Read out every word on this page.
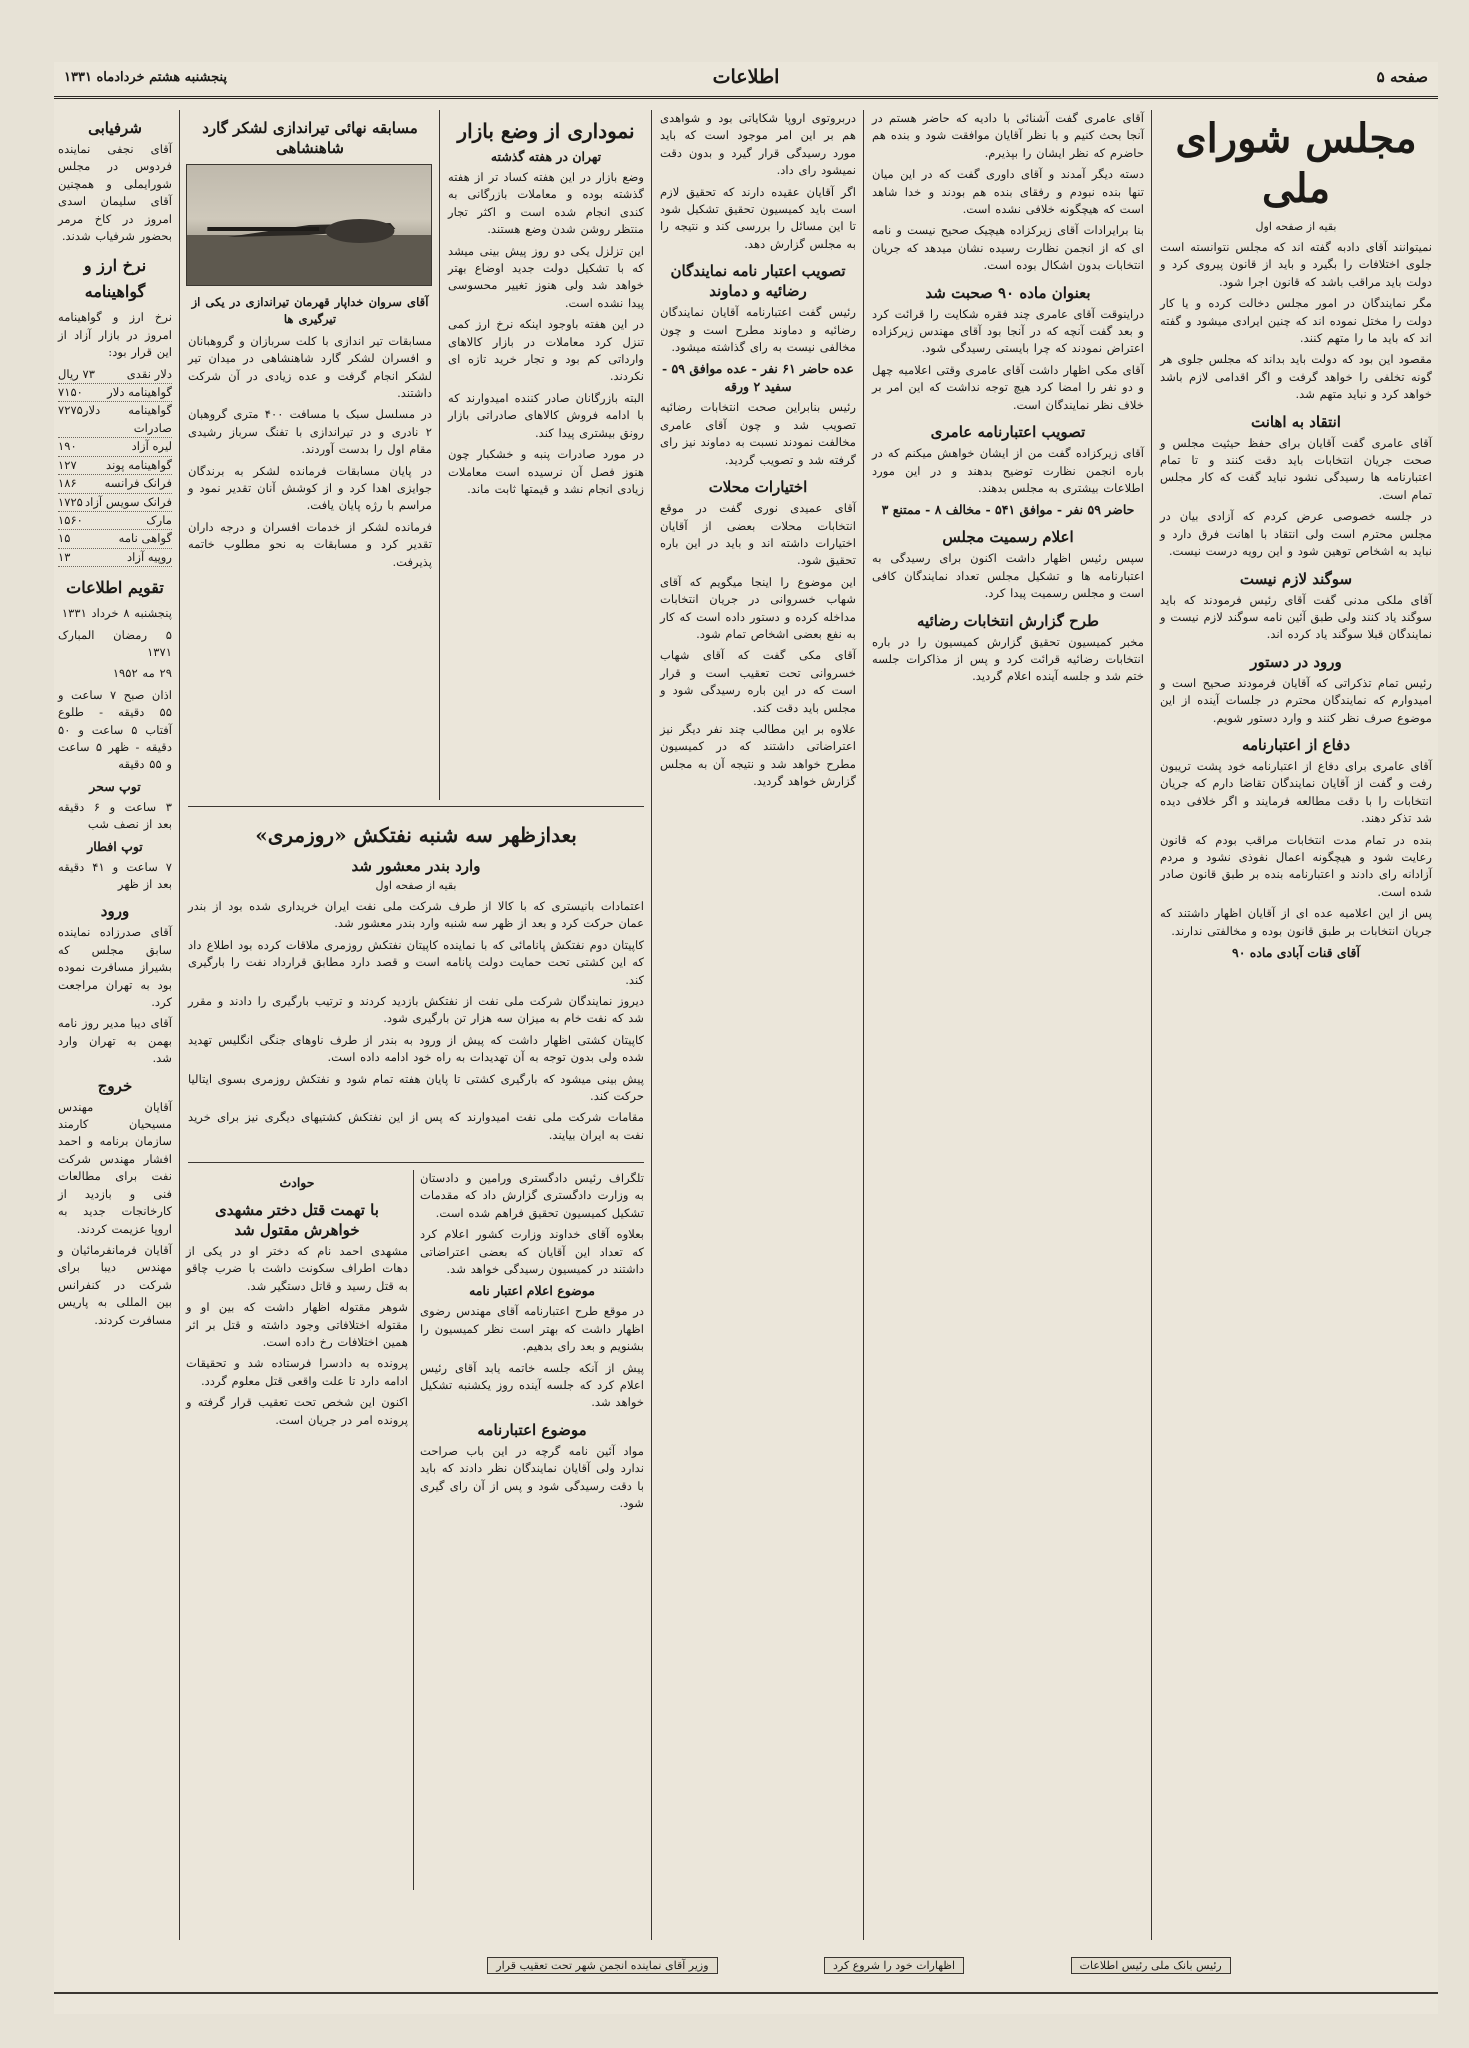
صفحه ۵
اطلاعات
پنجشنبه هشتم خردادماه ۱۳۳۱
مجلس شورای ملی
بقیه از صفحه اول

نمیتوانند آقای دادبه گفته اند که مجلس نتوانسته است جلوی اختلافات را بگیرد و باید از قانون پیروی کرد و دولت باید مراقب باشد که قانون اجرا شود.

مگر نمایندگان در امور مجلس دخالت کرده و یا کار دولت را مختل نموده اند که چنین ایرادی میشود و گفته اند که باید ما را متهم کنند.

مقصود این بود که دولت باید بداند که مجلس جلوی هر گونه تخلفی را خواهد گرفت و اگر اقدامی لازم باشد خواهد کرد و نباید متهم شد.

انتقاد به اهانت

آقای عامری گفت آقایان برای حفظ حیثیت مجلس و صحت جریان انتخابات باید دقت کنند و تا تمام اعتبارنامه ها رسیدگی نشود نباید گفت که کار مجلس تمام است.

در جلسه خصوصی عرض کردم که آزادی بیان در مجلس محترم است ولی انتقاد با اهانت فرق دارد و نباید به اشخاص توهین شود و این رویه درست نیست.

سوگند لازم نیست

آقای ملکی مدنی گفت آقای رئیس فرمودند که باید سوگند یاد کنند ولی طبق آئین نامه سوگند لازم نیست و نمایندگان قبلا سوگند یاد کرده اند.

ورود در دستور

رئیس تمام تذکراتی که آقایان فرمودند صحیح است و امیدوارم که نمایندگان محترم در جلسات آینده از این موضوع صرف نظر کنند و وارد دستور شویم.

دفاع از اعتبارنامه

آقای عامری برای دفاع از اعتبارنامه خود پشت تریبون رفت و گفت از آقایان نمایندگان تقاضا دارم که جریان انتخابات را با دقت مطالعه فرمایند و اگر خلافی دیده شد تذکر دهند.

بنده در تمام مدت انتخابات مراقب بودم که قانون رعایت شود و هیچگونه اعمال نفوذی نشود و مردم آزادانه رای دادند و اعتبارنامه بنده بر طبق قانون صادر شده است.

پس از این اعلامیه عده ای از آقایان اظهار داشتند که جریان انتخابات بر طبق قانون بوده و مخالفتی ندارند.

آقای قنات آبادی ماده ۹۰

آقای عامری گفت آشنائی با دادیه که حاضر هستم در آنجا بحث کنیم و با نظر آقایان موافقت شود و بنده هم حاضرم که نظر ایشان را بپذیرم.

دسته دیگر آمدند و آقای داوری گفت که در این میان تنها بنده نبودم و رفقای بنده هم بودند و خدا شاهد است که هیچگونه خلافی نشده است.

بنا برایرادات آقای زیرکزاده هیچیک صحیح نیست و نامه ای که از انجمن نظارت رسیده نشان میدهد که جریان انتخابات بدون اشکال بوده است.

بعنوان ماده ۹۰ صحبت شد

دراینوقت آقای عامری چند فقره شکایت را قرائت کرد و بعد گفت آنچه که در آنجا بود آقای مهندس زیرکزاده اعتراض نمودند که چرا بایستی رسیدگی شود.

آقای مکی اظهار داشت آقای عامری وقتی اعلامیه چهل و دو نفر را امضا کرد هیچ توجه نداشت که این امر بر خلاف نظر نمایندگان است.

تصویب اعتبارنامه عامری

آقای زیرکزاده گفت من از ایشان خواهش میکنم که در باره انجمن نظارت توضیح بدهند و در این مورد اطلاعات بیشتری به مجلس بدهند.

حاضر ۵۹ نفر - موافق ۵۴۱ - مخالف ۸ - ممتنع ۳
اعلام رسمیت مجلس

سپس رئیس اظهار داشت اکنون برای رسیدگی به اعتبارنامه ها و تشکیل مجلس تعداد نمایندگان کافی است و مجلس رسمیت پیدا کرد.

طرح گزارش انتخابات رضائیه

مخبر کمیسیون تحقیق گزارش کمیسیون را در باره انتخابات رضائیه قرائت کرد و پس از مذاکرات جلسه ختم شد و جلسه آینده اعلام گردید.

دربروتوی اروپا شکایاتی بود و شواهدی هم بر این امر موجود است که باید مورد رسیدگی قرار گیرد و بدون دقت نمیشود رای داد.

اگر آقایان عقیده دارند که تحقیق لازم است باید کمیسیون تحقیق تشکیل شود تا این مسائل را بررسی کند و نتیجه را به مجلس گزارش دهد.

تصویب اعتبار نامه نمایندگان رضائیه و دماوند

رئیس گفت اعتبارنامه آقایان نمایندگان رضائیه و دماوند مطرح است و چون مخالفی نیست به رای گذاشته میشود.

عده حاضر ۶۱ نفر - عده موافق ۵۹ - سفید ۲ ورقه

رئیس بنابراین صحت انتخابات رضائیه تصویب شد و چون آقای عامری مخالفت نمودند نسبت به دماوند نیز رای گرفته شد و تصویب گردید.

اختیارات محلات

آقای عمیدی نوری گفت در موقع انتخابات محلات بعضی از آقایان اختیارات داشته اند و باید در این باره تحقیق شود.

این موضوع را اینجا میگویم که آقای شهاب خسروانی در جریان انتخابات مداخله کرده و دستور داده است که کار به نفع بعضی اشخاص تمام شود.

آقای مکی گفت که آقای شهاب خسروانی تحت تعقیب است و قرار است که در این باره رسیدگی شود و مجلس باید دقت کند.

علاوه بر این مطالب چند نفر دیگر نیز اعتراضاتی داشتند که در کمیسیون مطرح خواهد شد و نتیجه آن به مجلس گزارش خواهد گردید.

نموداری از وضع بازار
تهران در هفته گذشته

وضع بازار در این هفته کساد تر از هفته گذشته بوده و معاملات بازرگانی به کندی انجام شده است و اکثر تجار منتظر روشن شدن وضع هستند.

این تزلزل یکی دو روز پیش بینی میشد که با تشکیل دولت جدید اوضاع بهتر خواهد شد ولی هنوز تغییر محسوسی پیدا نشده است.

در این هفته باوجود اینکه نرخ ارز کمی تنزل کرد معاملات در بازار کالاهای وارداتی کم بود و تجار خرید تازه ای نکردند.

البته بازرگانان صادر کننده امیدوارند که با ادامه فروش کالاهای صادراتی بازار رونق بیشتری پیدا کند.

در مورد صادرات پنبه و خشکبار چون هنوز فصل آن نرسیده است معاملات زیادی انجام نشد و قیمتها ثابت ماند.

مسابقه نهائی تیراندازی لشکر گارد شاهنشاهی
آقای سروان خداپار قهرمان تیراندازی در یکی از تیرگیری ها

مسابقات تیر اندازی با کلت سربازان و گروهبانان و افسران لشکر گارد شاهنشاهی در میدان تیر لشکر انجام گرفت و عده زیادی در آن شرکت داشتند.

در مسلسل سبک با مسافت ۴۰۰ متری گروهبان ۲ نادری و در تیراندازی با تفنگ سرباز رشیدی مقام اول را بدست آوردند.

در پایان مسابقات فرمانده لشکر به برندگان جوایزی اهدا کرد و از کوشش آنان تقدیر نمود و مراسم با رژه پایان یافت.

فرمانده لشکر از خدمات افسران و درجه داران تقدیر کرد و مسابقات به نحو مطلوب خاتمه پذیرفت.

شرفیابی

آقای نجفی نماینده فردوس در مجلس شورایملی و همچنین آقای سلیمان اسدی امروز در کاخ مرمر بحضور شرفیاب شدند.

نرخ ارز و گواهینامه

نرخ ارز و گواهینامه امروز در بازار آزاد از این قرار بود:

دلار نقدی
۷۳ ریال
گواهینامه دلار
۷۱۵۰
گواهینامه دلار صادرات
۷۲۷۵
لیره آزاد
۱۹۰
گواهینامه پوند
۱۲۷
فرانک فرانسه
۱۸۶
فرانک سویس آزاد
۱۷۲۵
مارک
۱۵۶۰
گواهی نامه
۱۵
روپیه آزاد
۱۳
تقویم اطلاعات

پنجشنبه ۸ خرداد ۱۳۳۱

۵ رمضان المبارک ۱۳۷۱

۲۹ مه ۱۹۵۲

اذان صبح ۷ ساعت و ۵۵ دقیقه - طلوع آفتاب ۵ ساعت و ۵۰ دقیقه - ظهر ۵ ساعت و ۵۵ دقیقه

توپ سحر

۳ ساعت و ۶ دقیقه بعد از نصف شب

توپ افطار

۷ ساعت و ۴۱ دقیقه بعد از ظهر

ورود

آقای صدرزاده نماینده سابق مجلس که بشیراز مسافرت نموده بود به تهران مراجعت کرد.

آقای دیبا مدیر روز نامه بهمن به تهران وارد شد.

خروج

آقایان مهندس مسیحیان کارمند سازمان برنامه و احمد افشار مهندس شرکت نفت برای مطالعات فنی و بازدید از کارخانجات جدید به اروپا عزیمت کردند.

آقایان فرمانفرمائیان و مهندس دیبا برای شرکت در کنفرانس بین المللی به پاریس مسافرت کردند.

بعدازظهر سه شنبه نفتکش «روزمری»
وارد بندر معشور شد
بقیه از صفحه اول

اعتمادات بانیستری که با کالا از طرف شرکت ملی نفت ایران خریداری شده بود از بندر عمان حرکت کرد و بعد از ظهر سه شنبه وارد بندر معشور شد.

کاپیتان دوم نفتکش پانامائی که با نماینده کاپیتان نفتکش روزمری ملاقات کرده بود اطلاع داد که این کشتی تحت حمایت دولت پانامه است و قصد دارد مطابق قرارداد نفت را بارگیری کند.

دیروز نمایندگان شرکت ملی نفت از نفتکش بازدید کردند و ترتیب بارگیری را دادند و مقرر شد که نفت خام به میزان سه هزار تن بارگیری شود.

کاپیتان کشتی اظهار داشت که پیش از ورود به بندر از طرف ناوهای جنگی انگلیس تهدید شده ولی بدون توجه به آن تهدیدات به راه خود ادامه داده است.

پیش بینی میشود که بارگیری کشتی تا پایان هفته تمام شود و نفتکش روزمری بسوی ایتالیا حرکت کند.

مقامات شرکت ملی نفت امیدوارند که پس از این نفتکش کشتیهای دیگری نیز برای خرید نفت به ایران بیایند.

تلگراف رئیس دادگستری ورامین و دادستان به وزارت دادگستری گزارش داد که مقدمات تشکیل کمیسیون تحقیق فراهم شده است.

بعلاوه آقای خداوند وزارت کشور اعلام کرد که تعداد این آقایان که بعضی اعتراضاتی داشتند در کمیسیون رسیدگی خواهد شد.

موضوع اعلام اعتبار نامه

در موقع طرح اعتبارنامه آقای مهندس رضوی اظهار داشت که بهتر است نظر کمیسیون را بشنویم و بعد رای بدهیم.

پیش از آنکه جلسه خاتمه یابد آقای رئیس اعلام کرد که جلسه آینده روز یکشنبه تشکیل خواهد شد.

موضوع اعتبارنامه

مواد آئین نامه گرچه در این باب صراحت ندارد ولی آقایان نمایندگان نظر دادند که باید با دقت رسیدگی شود و پس از آن رای گیری شود.

حوادث
با تهمت قتل دختر مشهدی خواهرش مقتول شد

مشهدی احمد نام که دختر او در یکی از دهات اطراف سکونت داشت با ضرب چاقو به قتل رسید و قاتل دستگیر شد.

شوهر مقتوله اظهار داشت که بین او و مقتوله اختلافاتی وجود داشته و قتل بر اثر همین اختلافات رخ داده است.

پرونده به دادسرا فرستاده شد و تحقیقات ادامه دارد تا علت واقعی قتل معلوم گردد.

اکنون این شخص تحت تعقیب قرار گرفته و پرونده امر در جریان است.

رئیس بانک ملی رئیس اطلاعات
اظهارات خود را شروع کرد
وزیر آقای نماینده انجمن شهر تحت تعقیب قرار
